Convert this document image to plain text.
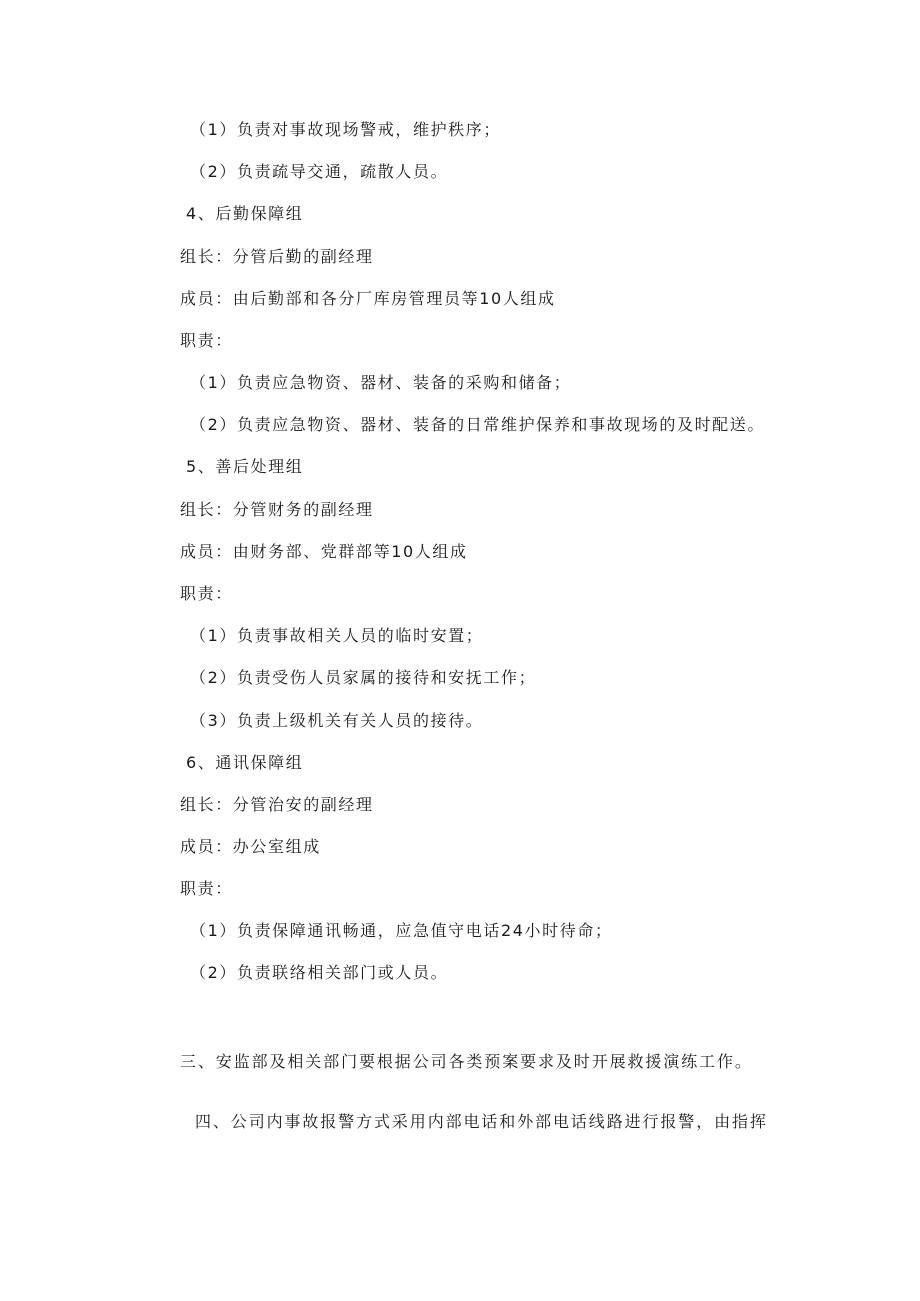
（1）负责对事故现场警戒，维护秩序；
（2）负责疏导交通，疏散人员。
4、后勤保障组
组长：分管后勤的副经理
成员：由后勤部和各分厂库房管理员等10人组成
职责：
（1）负责应急物资、器材、装备的采购和储备；
（2）负责应急物资、器材、装备的日常维护保养和事故现场的及时配送。
5、善后处理组
组长：分管财务的副经理
成员：由财务部、党群部等10人组成
职责：
（1）负责事故相关人员的临时安置；
（2）负责受伤人员家属的接待和安抚工作；
（3）负责上级机关有关人员的接待。
6、通讯保障组
组长：分管治安的副经理
成员：办公室组成
职责：
（1）负责保障通讯畅通，应急值守电话24小时待命；
（2）负责联络相关部门或人员。
三、安监部及相关部门要根据公司各类预案要求及时开展救援演练工作。
四、公司内事故报警方式采用内部电话和外部电话线路进行报警，由指挥
